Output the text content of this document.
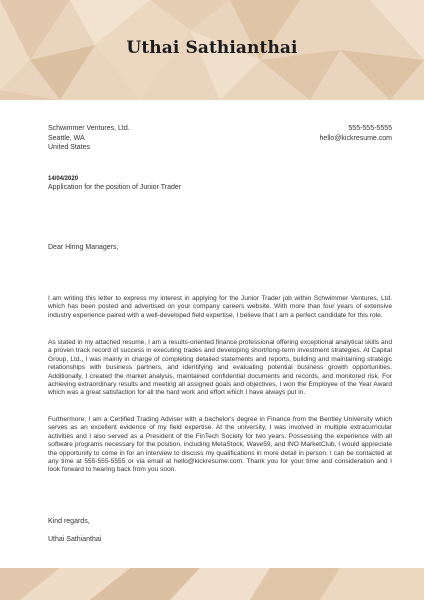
Uthai Sathianthai
Schwimmer Ventures, Ltd.
Seattle, WA
United States
555-555-5555
hello@kickresume.com
14/04/2020
Application for the position of Junior Trader
Dear Hiring Managers,
I am writing this letter to express my interest in applying for the Junior Trader job within Schwimmer Ventures, Ltd. which has been posted and advertised on your company careers website. With more than four years of extensive industry experience paired with a well-developed field expertise, I believe that I am a perfect candidate for this role.
As stated in my attached resume, I am a results-oriented finance professional offering exceptional analytical skills and a proven track record of success in executing trades and developing short/long-term investment strategies. At Capital Group, Ltd., I was mainly in charge of completing detailed statements and reports, building and maintaining strategic relationships with business partners, and identifying and evaluating potential business growth opportunities. Additionally, I created the market analysis, maintained confidential documents and records, and monitored risk. For achieving extraordinary results and meeting all assigned goals and objectives, I won the Employee of the Year Award which was a great satisfaction for all the hard work and effort which I have always put in.
Furthermore, I am a Certified Trading Adviser with a bachelor's degree in Finance from the Bentley University which serves as an excellent evidence of my field expertise. At the university, I was involved in multiple extracurricular activities and I also served as a President of the FinTech Society for two years. Possessing the experience with all software programs necessary for the position, including MetaStock, Wave59, and INO MarketClub, I would appreciate the opportunity to come in for an interview to discuss my qualifications in more detail in person. I can be contacted at any time at 555-555-5555 or via email at hello@kickresume.com. Thank you for your time and consideration and I look forward to hearing back from you soon.
Kind regards,
Uthai Sathianthai
